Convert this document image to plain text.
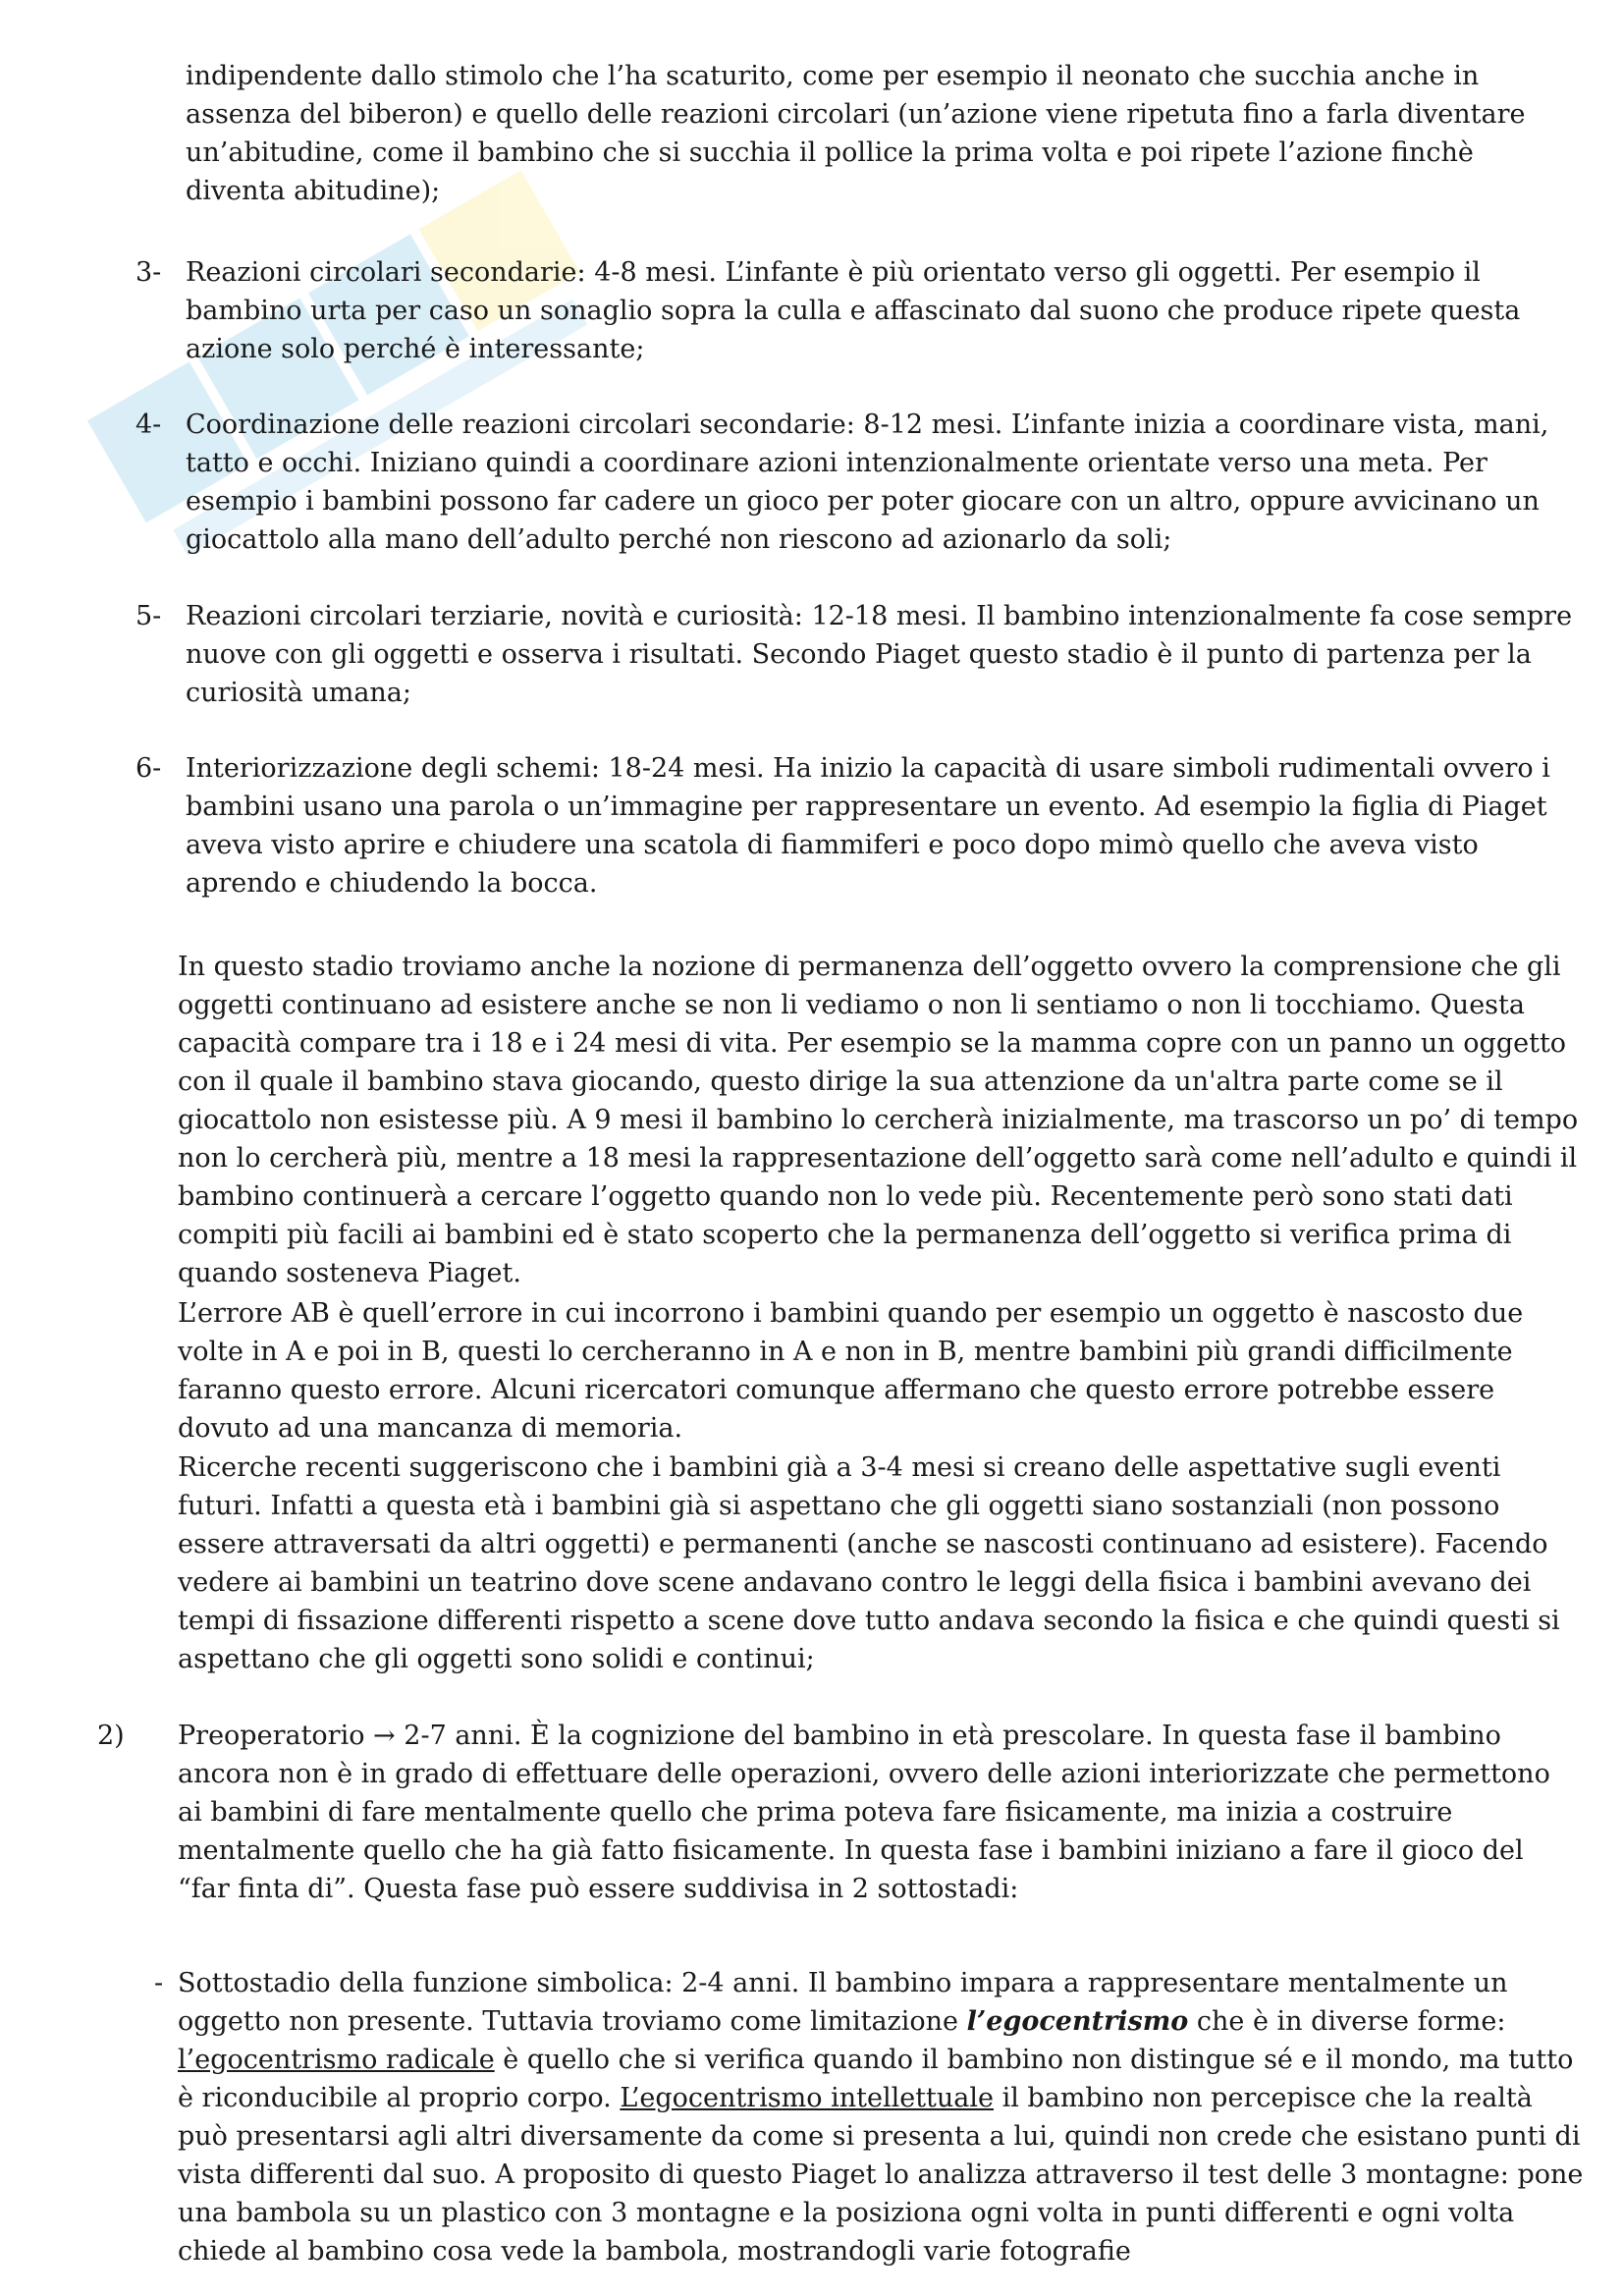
indipendente dallo stimolo che l’ha scaturito, come per esempio il neonato che succhia anche in assenza del biberon) e quello delle reazioni circolari (un’azione viene ripetuta fino a farla diventare un’abitudine, come il bambino che si succhia il pollice la prima volta e poi ripete l’azione finchè diventa abitudine);

3- Reazioni circolari secondarie: 4-8 mesi. L’infante è più orientato verso gli oggetti. Per esempio il bambino urta per caso un sonaglio sopra la culla e affascinato dal suono che produce ripete questa azione solo perché è interessante;

4- Coordinazione delle reazioni circolari secondarie: 8-12 mesi. L’infante inizia a coordinare vista, mani, tatto e occhi. Iniziano quindi a coordinare azioni intenzionalmente orientate verso una meta. Per esempio i bambini possono far cadere un gioco per poter giocare con un altro, oppure avvicinano un giocattolo alla mano dell’adulto perché non riescono ad azionarlo da soli;

5- Reazioni circolari terziarie, novità e curiosità: 12-18 mesi. Il bambino intenzionalmente fa cose sempre nuove con gli oggetti e osserva i risultati. Secondo Piaget questo stadio è il punto di partenza per la curiosità umana;

6- Interiorizzazione degli schemi: 18-24 mesi. Ha inizio la capacità di usare simboli rudimentali ovvero i bambini usano una parola o un’immagine per rappresentare un evento. Ad esempio la figlia di Piaget aveva visto aprire e chiudere una scatola di fiammiferi e poco dopo mimò quello che aveva visto aprendo e chiudendo la bocca.

In questo stadio troviamo anche la nozione di permanenza dell’oggetto ovvero la comprensione che gli oggetti continuano ad esistere anche se non li vediamo o non li sentiamo o non li tocchiamo. Questa capacità compare tra i 18 e i 24 mesi di vita. Per esempio se la mamma copre con un panno un oggetto con il quale il bambino stava giocando, questo dirige la sua attenzione da un'altra parte come se il giocattolo non esistesse più. A 9 mesi il bambino lo cercherà inizialmente, ma trascorso un po’ di tempo non lo cercherà più, mentre a 18 mesi la rappresentazione dell’oggetto sarà come nell’adulto e quindi il bambino continuerà a cercare l’oggetto quando non lo vede più. Recentemente però sono stati dati compiti più facili ai bambini ed è stato scoperto che la permanenza dell’oggetto si verifica prima di quando sosteneva Piaget.

L’errore AB è quell’errore in cui incorrono i bambini quando per esempio un oggetto è nascosto due volte in A e poi in B, questi lo cercheranno in A e non in B, mentre bambini più grandi difficilmente faranno questo errore. Alcuni ricercatori comunque affermano che questo errore potrebbe essere dovuto ad una mancanza di memoria.

Ricerche recenti suggeriscono che i bambini già a 3-4 mesi si creano delle aspettative sugli eventi futuri. Infatti a questa età i bambini già si aspettano che gli oggetti siano sostanziali (non possono essere attraversati da altri oggetti) e permanenti (anche se nascosti continuano ad esistere). Facendo vedere ai bambini un teatrino dove scene andavano contro le leggi della fisica i bambini avevano dei tempi di fissazione differenti rispetto a scene dove tutto andava secondo la fisica e che quindi questi si aspettano che gli oggetti sono solidi e continui;

2) Preoperatorio → 2-7 anni. È la cognizione del bambino in età prescolare. In questa fase il bambino ancora non è in grado di effettuare delle operazioni, ovvero delle azioni interiorizzate che permettono ai bambini di fare mentalmente quello che prima poteva fare fisicamente, ma inizia a costruire mentalmente quello che ha già fatto fisicamente. In questa fase i bambini iniziano a fare il gioco del “far finta di”. Questa fase può essere suddivisa in 2 sottostadi:

- Sottostadio della funzione simbolica: 2-4 anni. Il bambino impara a rappresentare mentalmente un oggetto non presente. Tuttavia troviamo come limitazione l’egocentrismo che è in diverse forme: l’egocentrismo radicale è quello che si verifica quando il bambino non distingue sé e il mondo, ma tutto è riconducibile al proprio corpo. L’egocentrismo intellettuale il bambino non percepisce che la realtà può presentarsi agli altri diversamente da come si presenta a lui, quindi non crede che esistano punti di vista differenti dal suo. A proposito di questo Piaget lo analizza attraverso il test delle 3 montagne: pone una bambola su un plastico con 3 montagne e la posiziona ogni volta in punti differenti e ogni volta chiede al bambino cosa vede la bambola, mostrandogli varie fotografie
